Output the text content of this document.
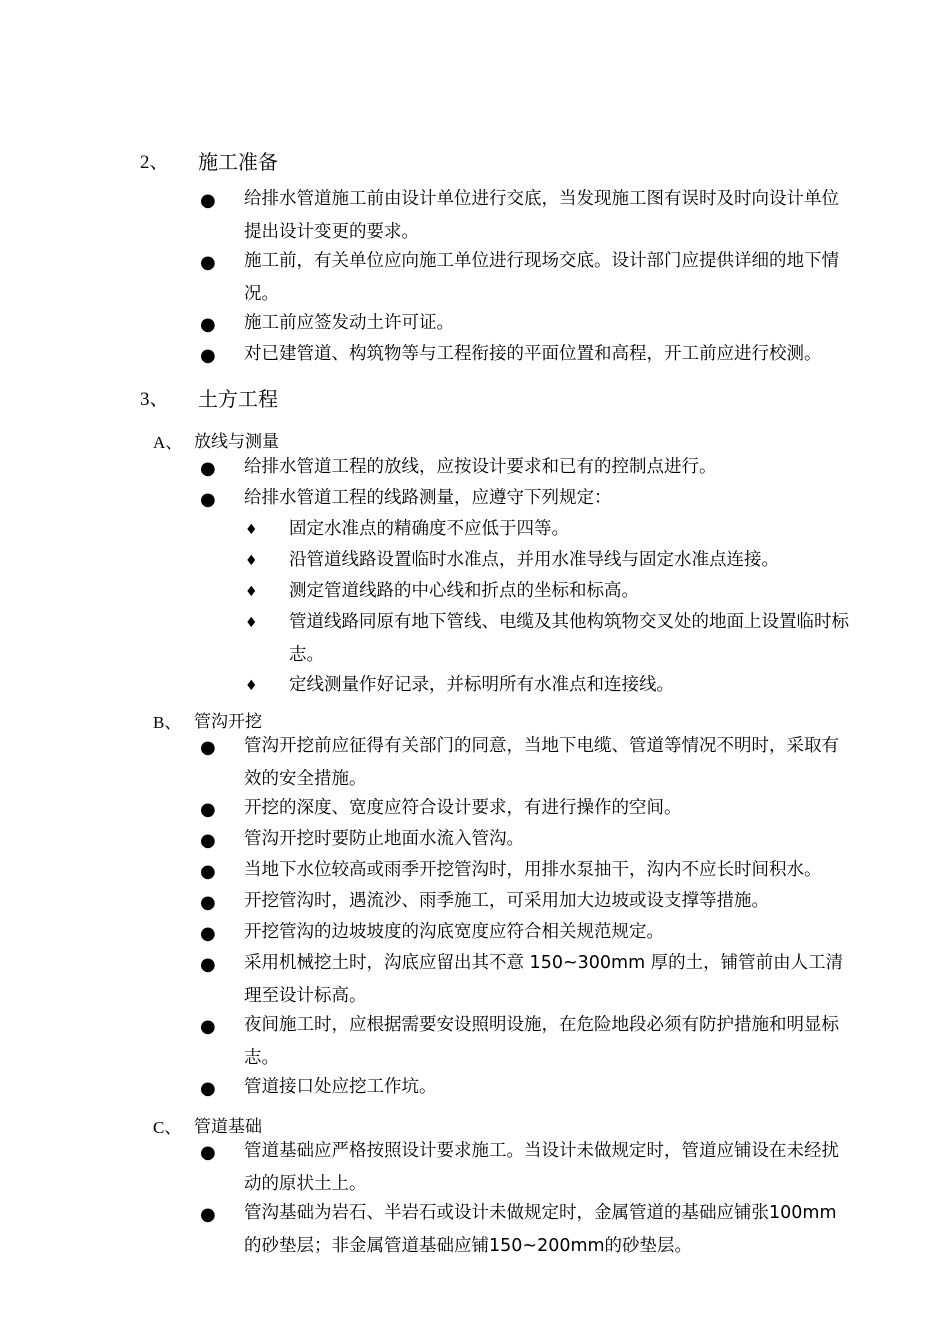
2、 施工准备
● 给排水管道施工前由设计单位进行交底，当发现施工图有误时及时向设计单位提出设计变更的要求。
● 施工前，有关单位应向施工单位进行现场交底。设计部门应提供详细的地下情况。
● 施工前应签发动土许可证。
● 对已建管道、构筑物等与工程衔接的平面位置和高程，开工前应进行校测。
3、 土方工程
A、 放线与测量
● 给排水管道工程的放线，应按设计要求和已有的控制点进行。
● 给排水管道工程的线路测量，应遵守下列规定：
♦ 固定水准点的精确度不应低于四等。
♦ 沿管道线路设置临时水准点，并用水准导线与固定水准点连接。
♦ 测定管道线路的中心线和折点的坐标和标高。
♦ 管道线路同原有地下管线、电缆及其他构筑物交叉处的地面上设置临时标志。
♦ 定线测量作好记录，并标明所有水准点和连接线。
B、 管沟开挖
● 管沟开挖前应征得有关部门的同意，当地下电缆、管道等情况不明时，采取有效的安全措施。
● 开挖的深度、宽度应符合设计要求，有进行操作的空间。
● 管沟开挖时要防止地面水流入管沟。
● 当地下水位较高或雨季开挖管沟时，用排水泵抽干，沟内不应长时间积水。
● 开挖管沟时，遇流沙、雨季施工，可采用加大边坡或设支撑等措施。
● 开挖管沟的边坡坡度的沟底宽度应符合相关规范规定。
● 采用机械挖土时，沟底应留出其不意 150~300mm 厚的土，铺管前由人工清理至设计标高。
● 夜间施工时，应根据需要安设照明设施，在危险地段必须有防护措施和明显标志。
● 管道接口处应挖工作坑。
C、 管道基础
● 管道基础应严格按照设计要求施工。当设计未做规定时，管道应铺设在未经扰动的原状土上。
● 管沟基础为岩石、半岩石或设计未做规定时，金属管道的基础应铺张100mm的砂垫层；非金属管道基础应铺150~200mm的砂垫层。
